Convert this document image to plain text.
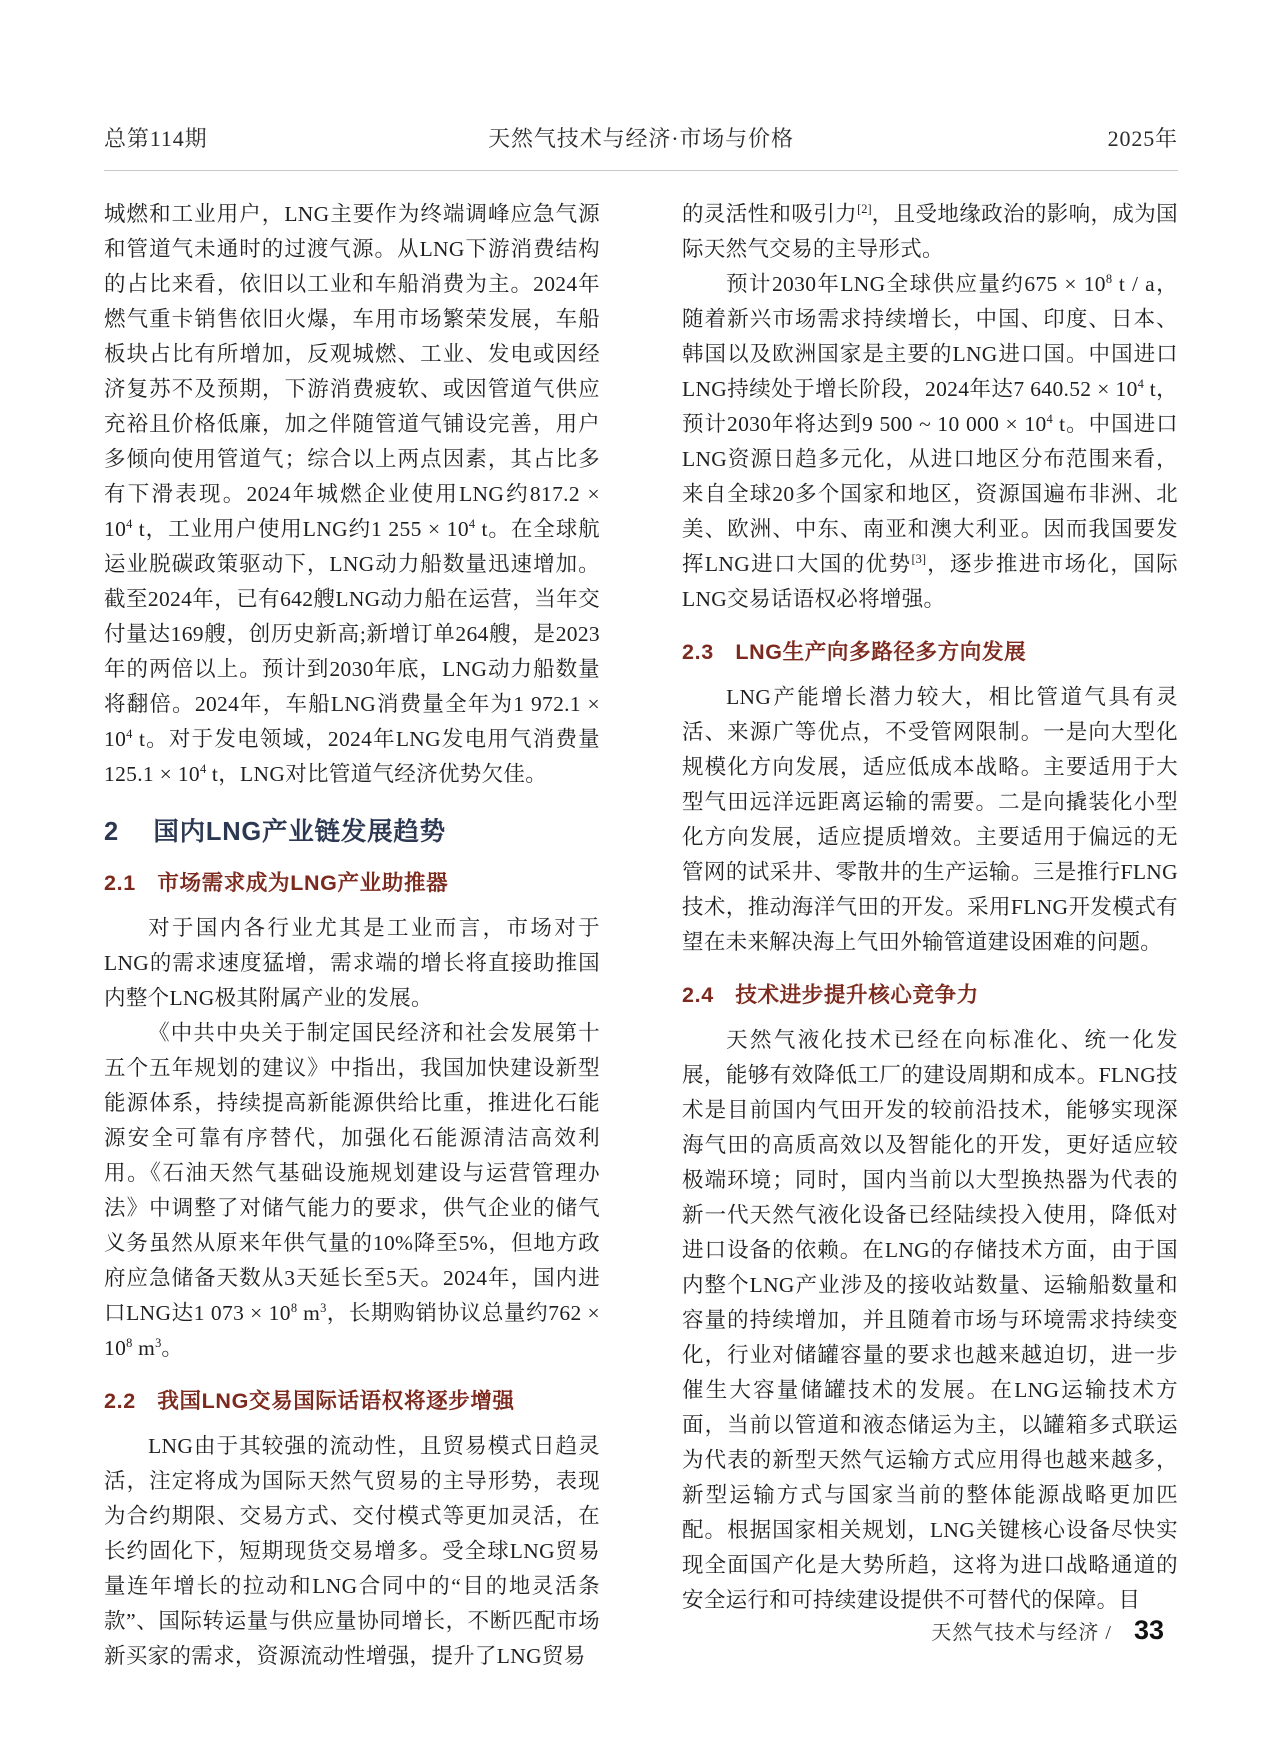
总第114期	天然气技术与经济·市场与价格	2025年

城燃和工业用户，LNG主要作为终端调峰应急气源和管道气未通时的过渡气源。从LNG下游消费结构的占比来看，依旧以工业和车船消费为主。2024年燃气重卡销售依旧火爆，车用市场繁荣发展，车船板块占比有所增加，反观城燃、工业、发电或因经济复苏不及预期，下游消费疲软、或因管道气供应充裕且价格低廉，加之伴随管道气铺设完善，用户多倾向使用管道气；综合以上两点因素，其占比多有下滑表现。2024年城燃企业使用LNG约$817.2 \times 10^4$ t，工业用户使用LNG约1 $255 \times 10^4$ t。在全球航运业脱碳政策驱动下，LNG动力船数量迅速增加。截至2024年，已有642艘LNG动力船在运营，当年交付量达169艘，创历史新高;新增订单264艘，是2023年的两倍以上。预计到2030年底，LNG动力船数量将翻倍。2024年，车船LNG消费量全年为1 $972.1 \times 10^4$ t。对于发电领域，2024年LNG发电用气消费量$125.1 \times 10^4$ t，LNG对比管道气经济优势欠佳。

2 国内LNG产业链发展趋势
2.1 市场需求成为LNG产业助推器

对于国内各行业尤其是工业而言，市场对于LNG的需求速度猛增，需求端的增长将直接助推国内整个LNG极其附属产业的发展。

《中共中央关于制定国民经济和社会发展第十五个五年规划的建议》中指出，我国加快建设新型能源体系，持续提高新能源供给比重，推进化石能源安全可靠有序替代，加强化石能源清洁高效利用。《石油天然气基础设施规划建设与运营管理办法》中调整了对储气能力的要求，供气企业的储气义务虽然从原来年供气量的10%降至5%，但地方政府应急储备天数从3天延长至5天。2024年，国内进口LNG达1 $073 \times 10^8$ $m^3$，长期购销协议总量约$762 \times 10^8$ $m^3$。

2.2 我国LNG交易国际话语权将逐步增强

LNG由于其较强的流动性，且贸易模式日趋灵活，注定将成为国际天然气贸易的主导形势，表现为合约期限、交易方式、交付模式等更加灵活，在长约固化下，短期现货交易增多。受全球LNG贸易量连年增长的拉动和LNG合同中的“目的地灵活条款”、国际转运量与供应量协同增长，不断匹配市场新买家的需求，资源流动性增强，提升了LNG贸易

的灵活性和吸引力[2]，且受地缘政治的影响，成为国际天然气交易的主导形式。

预计2030年LNG全球供应量约$675 \times 10^8$ t / a，随着新兴市场需求持续增长，中国、印度、日本、韩国以及欧洲国家是主要的LNG进口国。中国进口LNG持续处于增长阶段，2024年达7 $640.52 \times 10^4$ t，预计2030年将达到9 500 ~ 10 $000 \times 10^4$ t。中国进口LNG资源日趋多元化，从进口地区分布范围来看，来自全球20多个国家和地区，资源国遍布非洲、北美、欧洲、中东、南亚和澳大利亚。因而我国要发挥LNG进口大国的优势[3]，逐步推进市场化，国际LNG交易话语权必将增强。

2.3 LNG生产向多路径多方向发展

LNG产能增长潜力较大，相比管道气具有灵活、来源广等优点，不受管网限制。一是向大型化规模化方向发展，适应低成本战略。主要适用于大型气田远洋远距离运输的需要。二是向撬装化小型化方向发展，适应提质增效。主要适用于偏远的无管网的试采井、零散井的生产运输。三是推行FLNG技术，推动海洋气田的开发。采用FLNG开发模式有望在未来解决海上气田外输管道建设困难的问题。

2.4 技术进步提升核心竞争力

天然气液化技术已经在向标准化、统一化发展，能够有效降低工厂的建设周期和成本。FLNG技术是目前国内气田开发的较前沿技术，能够实现深海气田的高质高效以及智能化的开发，更好适应较极端环境；同时，国内当前以大型换热器为代表的新一代天然气液化设备已经陆续投入使用，降低对进口设备的依赖。在LNG的存储技术方面，由于国内整个LNG产业涉及的接收站数量、运输船数量和容量的持续增加，并且随着市场与环境需求持续变化，行业对储罐容量的要求也越来越迫切，进一步催生大容量储罐技术的发展。在LNG运输技术方面，当前以管道和液态储运为主，以罐箱多式联运为代表的新型天然气运输方式应用得也越来越多，新型运输方式与国家当前的整体能源战略更加匹配。根据国家相关规划，LNG关键核心设备尽快实现全面国产化是大势所趋，这将为进口战略通道的安全运行和可持续建设提供不可替代的保障。目

天然气技术与经济 / 33
